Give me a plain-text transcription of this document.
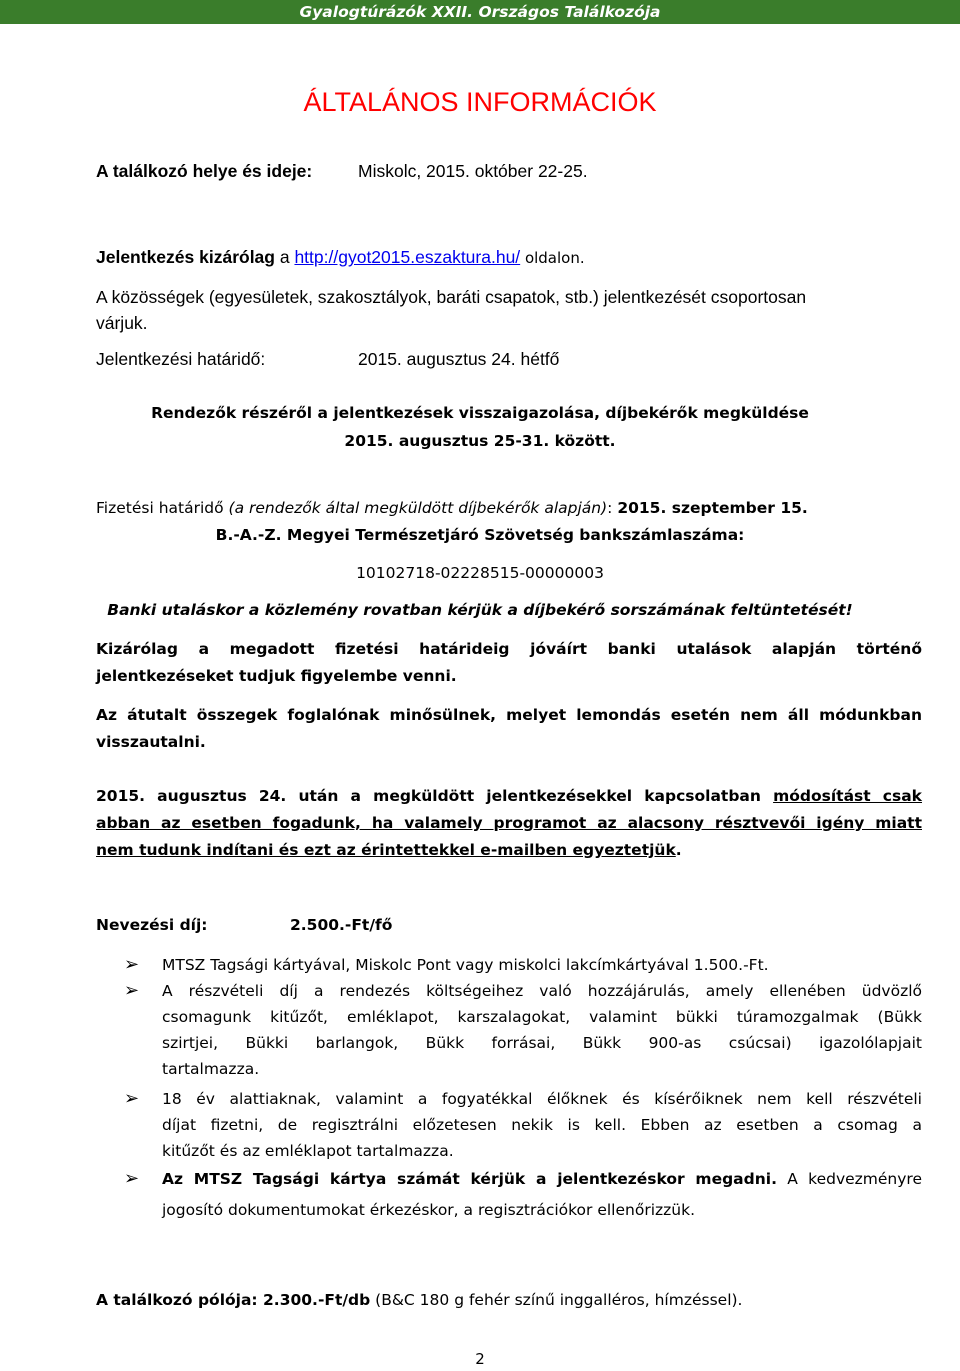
Gyalogtúrázók XXII. Országos Találkozója
ÁLTALÁNOS INFORMÁCIÓK
A találkozó helye és ideje:	Miskolc, 2015. október 22-25.
Jelentkezés kizárólag a http://gyot2015.eszaktura.hu/ oldalon.
A közösségek (egyesületek, szakosztályok, baráti csapatok, stb.) jelentkezését csoportosan
várjuk.
Jelentkezési határidő:	2015. augusztus 24. hétfő
Rendezők részéről a jelentkezések visszaigazolása, díjbekérők megküldése
2015. augusztus 25-31. között.
Fizetési határidő (a rendezők által megküldött díjbekérők alapján): 2015. szeptember 15.
B.-A.-Z. Megyei Természetjáró Szövetség bankszámlaszáma:
10102718-02228515-00000003
Banki utaláskor a közlemény rovatban kérjük a díjbekérő sorszámának feltüntetését!
Kizárólag a megadott fizetési határideig jóváírt banki utalások alapján történő
jelentkezéseket tudjuk figyelembe venni.
Az átutalt összegek foglalónak minősülnek, melyet lemondás esetén nem áll módunkban
visszautalni.
2015. augusztus 24. után a megküldött jelentkezésekkel kapcsolatban módosítást csak
abban az esetben fogadunk, ha valamely programot az alacsony résztvevői igény miatt
nem tudunk indítani és ezt az érintettekkel e-mailben egyeztetjük.
Nevezési díj:	2.500.-Ft/fő
➢ MTSZ Tagsági kártyával, Miskolc Pont vagy miskolci lakcímkártyával 1.500.-Ft.
➢ A részvételi díj a rendezés költségeihez való hozzájárulás, amely ellenében üdvözlő
csomagunk kitűzőt, emléklapot, karszalagokat, valamint bükki túramozgalmak (Bükk
szirtjei, Bükki barlangok, Bükk forrásai, Bükk 900-as csúcsai) igazolólapjait
tartalmazza.
➢ 18 év alattiaknak, valamint a fogyatékkal élőknek és kísérőiknek nem kell részvételi
díjat fizetni, de regisztrálni előzetesen nekik is kell. Ebben az esetben a csomag a
kitűzőt és az emléklapot tartalmazza.
➢ Az MTSZ Tagsági kártya számát kérjük a jelentkezéskor megadni. A kedvezményre
jogosító dokumentumokat érkezéskor, a regisztrációkor ellenőrizzük.
A találkozó pólója: 2.300.-Ft/db (B&C 180 g fehér színű inggalléros, hímzéssel).
2
